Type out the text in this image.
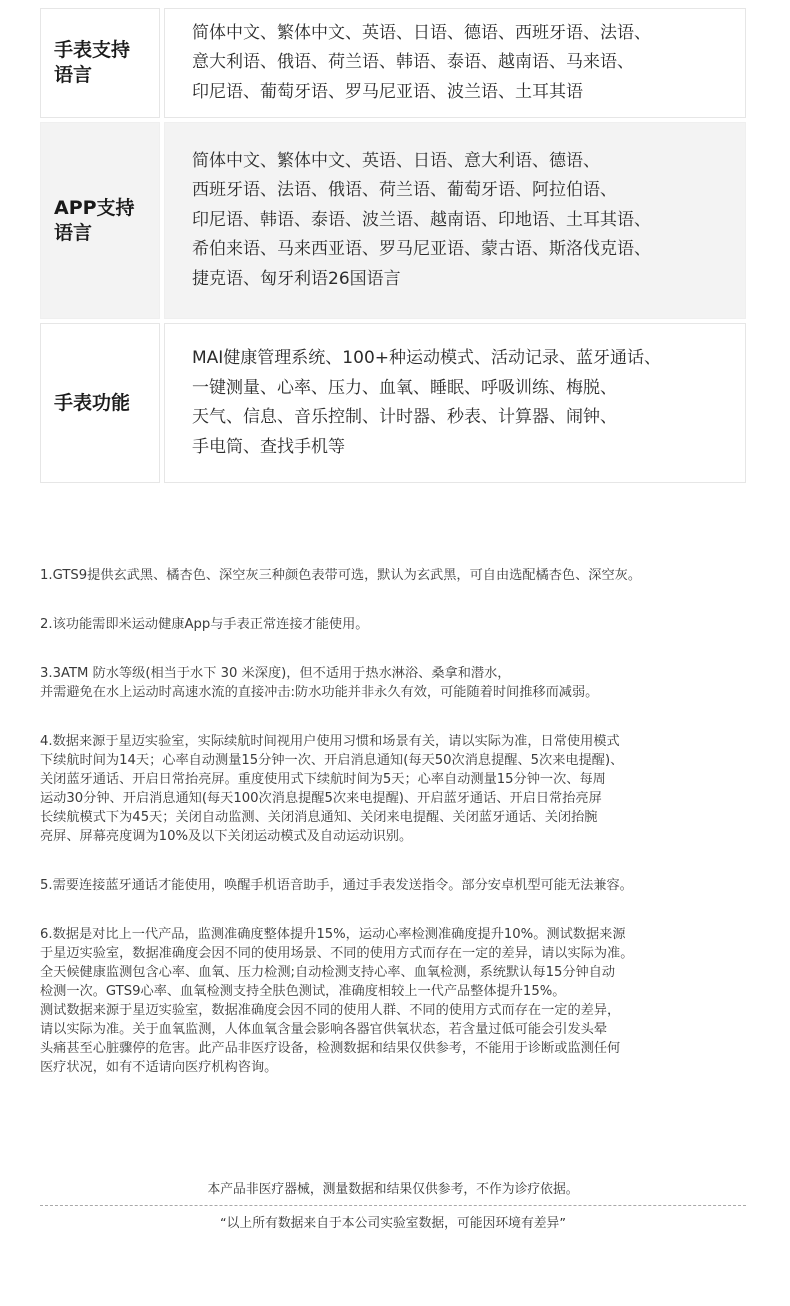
手表支持
语言
简体中文、繁体中文、英语、日语、德语、西班牙语、法语、
意大利语、俄语、荷兰语、韩语、泰语、越南语、马来语、
印尼语、葡萄牙语、罗马尼亚语、波兰语、土耳其语
APP支持
语言
简体中文、繁体中文、英语、日语、意大利语、德语、
西班牙语、法语、俄语、荷兰语、葡萄牙语、阿拉伯语、
印尼语、韩语、泰语、波兰语、越南语、印地语、土耳其语、
希伯来语、马来西亚语、罗马尼亚语、蒙古语、斯洛伐克语、
捷克语、匈牙利语26国语言
手表功能
MAI健康管理系统、100+种运动模式、活动记录、蓝牙通话、
一键测量、心率、压力、血氧、睡眠、呼吸训练、梅脱、
天气、信息、音乐控制、计时器、秒表、计算器、闹钟、
手电筒、查找手机等
1.GTS9提供玄武黑、橘杏色、深空灰三种颜色表带可选，默认为玄武黑，可自由选配橘杏色、深空灰。
2.该功能需即米运动健康App与手表正常连接才能使用。
3.3ATM 防水等级(相当于水下 30 米深度)，但不适用于热水淋浴、桑拿和潜水，
并需避免在水上运动时高速水流的直接冲击:防水功能并非永久有效，可能随着时间推移而减弱。
4.数据来源于星迈实验室，实际续航时间视用户使用习惯和场景有关，请以实际为准，日常使用模式
下续航时间为14天；心率自动测量15分钟一次、开启消息通知(每天50次消息提醒、5次来电提醒)、
关闭蓝牙通话、开启日常抬亮屏。重度使用式下续航时间为5天；心率自动测量15分钟一次、每周
运动30分钟、开启消息通知(每天100次消息提醒5次来电提醒)、开启蓝牙通话、开启日常抬亮屏
长续航模式下为45天；关闭自动监测、关闭消息通知、关闭来电提醒、关闭蓝牙通话、关闭抬腕
亮屏、屏幕亮度调为10%及以下关闭运动模式及自动运动识别。
5.需要连接蓝牙通话才能使用，唤醒手机语音助手，通过手表发送指令。部分安卓机型可能无法兼容。
6.数据是对比上一代产品，监测准确度整体提升15%，运动心率检测准确度提升10%。测试数据来源
于星迈实验室，数据准确度会因不同的使用场景、不同的使用方式而存在一定的差异，请以实际为准。
全天候健康监测包含心率、血氧、压力检测;自动检测支持心率、血氧检测，系统默认每15分钟自动
检测一次。GTS9心率、血氧检测支持全肤色测试，准确度相较上一代产品整体提升15%。
测试数据来源于星迈实验室，数据准确度会因不同的使用人群、不同的使用方式而存在一定的差异，
请以实际为准。关于血氧监测，人体血氧含量会影响各器官供氧状态，若含量过低可能会引发头晕
头痛甚至心脏骤停的危害。此产品非医疗设备，检测数据和结果仅供参考，不能用于诊断或监测任何
医疗状况，如有不适请向医疗机构咨询。
本产品非医疗器械，测量数据和结果仅供参考，不作为诊疗依据。
“以上所有数据来自于本公司实验室数据，可能因环境有差异”
